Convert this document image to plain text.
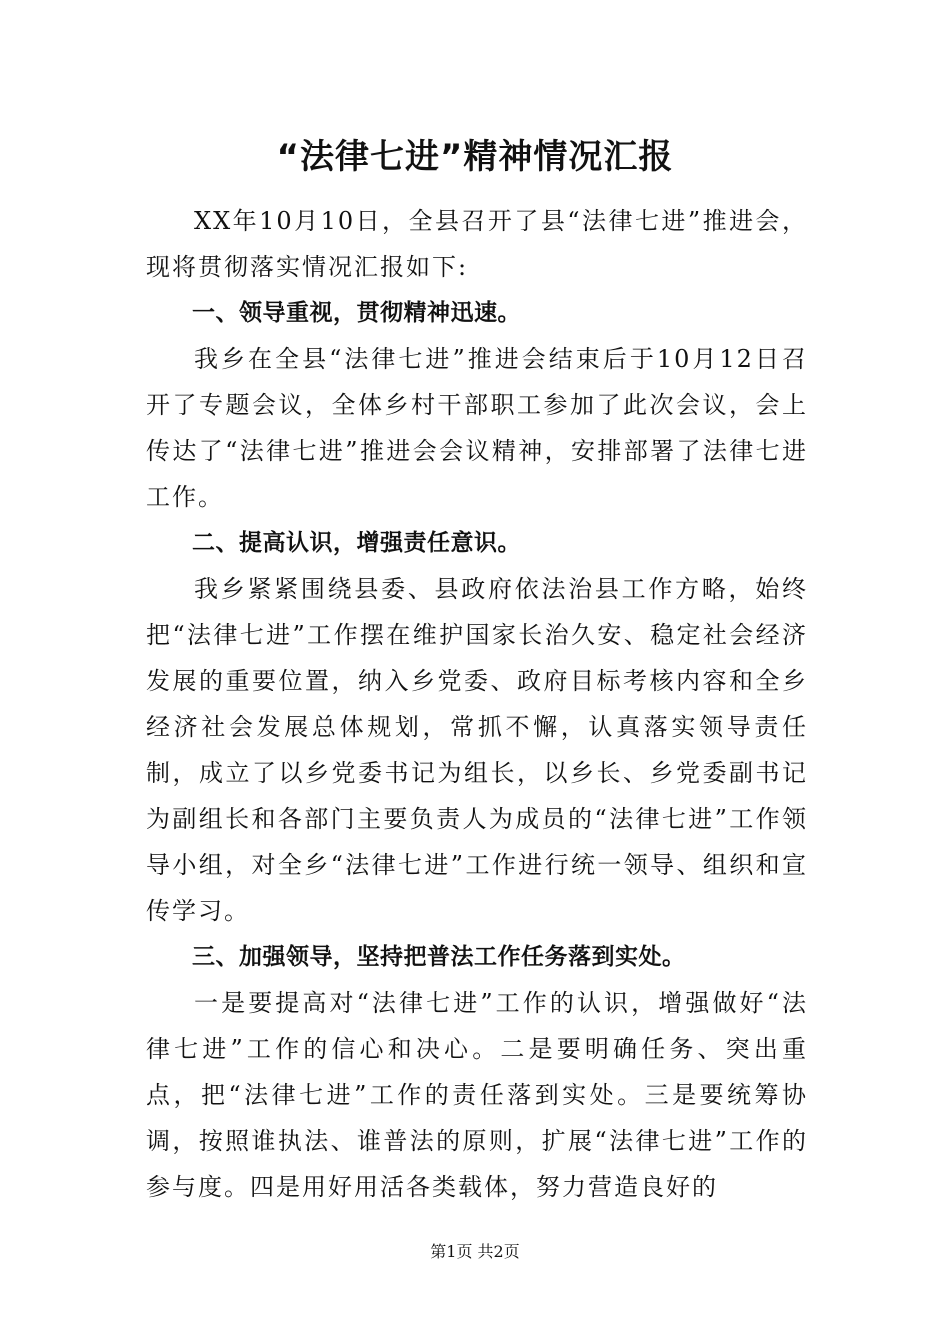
“法律七进”精神情况汇报

XX年10月10日，全县召开了县“法律七进”推进会，现将贯彻落实情况汇报如下:

一、领导重视，贯彻精神迅速。

我乡在全县“法律七进”推进会结束后于10月12日召开了专题会议，全体乡村干部职工参加了此次会议，会上传达了“法律七进”推进会会议精神，安排部署了法律七进工作。

二、提高认识，增强责任意识。

我乡紧紧围绕县委、县政府依法治县工作方略，始终把“法律七进”工作摆在维护国家长治久安、稳定社会经济发展的重要位置，纳入乡党委、政府目标考核内容和全乡经济社会发展总体规划，常抓不懈，认真落实领导责任制，成立了以乡党委书记为组长，以乡长、乡党委副书记为副组长和各部门主要负责人为成员的“法律七进”工作领导小组，对全乡“法律七进”工作进行统一领导、组织和宣传学习。

三、加强领导，坚持把普法工作任务落到实处。

一是要提高对“法律七进”工作的认识，增强做好“法律七进”工作的信心和决心。二是要明确任务、突出重点，把“法律七进”工作的责任落到实处。三是要统筹协调，按照谁执法、谁普法的原则，扩展“法律七进”工作的参与度。四是用好用活各类载体，努力营造良好的

第1页 共2页
